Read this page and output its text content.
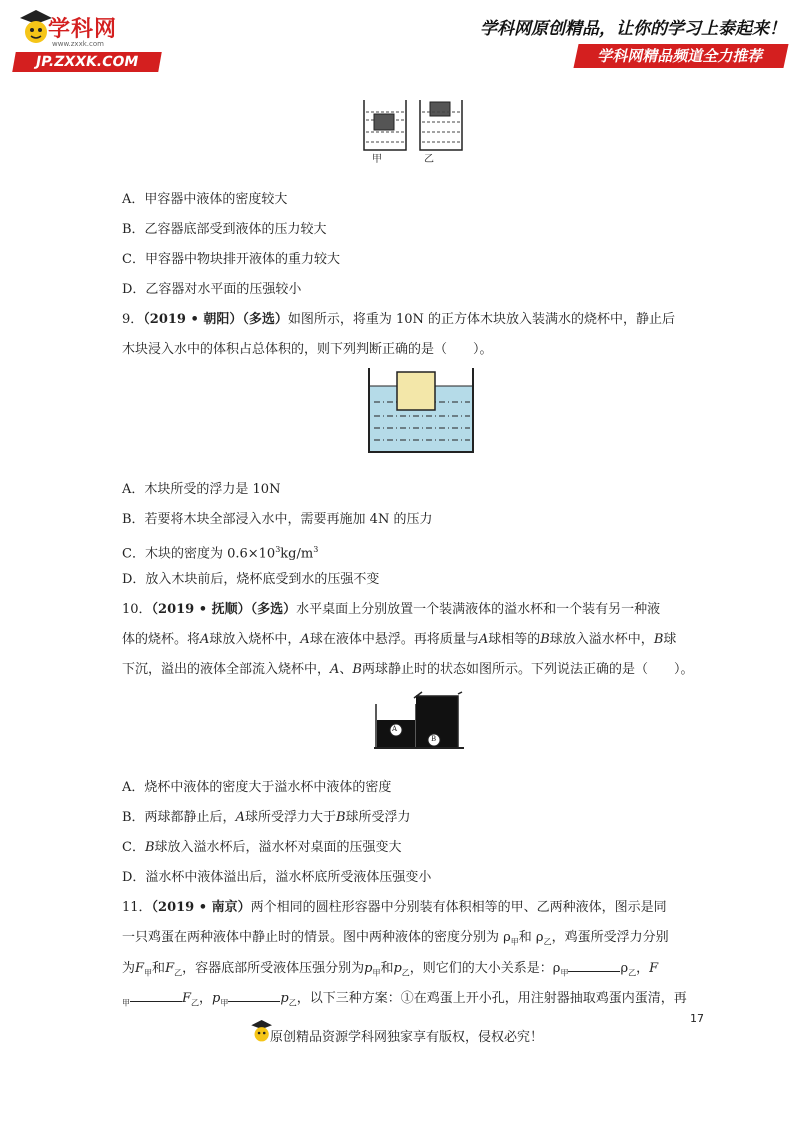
学科网
www.zxxk.com
JP.ZXXK.COM
学科网原创精品，让你的学习上泰起来！
学科网精品频道全力推荐
甲	乙
A．甲容器中液体的密度较大
B．乙容器底部受到液体的压力较大
C．甲容器中物块排开液体的重力较大
D．乙容器对水平面的压强较小
9．（2019 • 朝阳）（多选）如图所示，将重为 10N 的正方体木块放入装满水的烧杯中，静止后
木块浸入水中的体积占总体积的，则下列判断正确的是（　　）。
A．木块所受的浮力是 10N
B．若要将木块全部浸入水中，需要再施加 4N 的压力
C．木块的密度为 $0.6\times 10^3kg/m^3$
D．放入木块前后，烧杯底受到水的压强不变
10．（2019 • 抚顺）（多选）水平桌面上分别放置一个装满液体的溢水杯和一个装有另一种液
体的烧杯。将A球放入烧杯中，A球在液体中悬浮。再将质量与A球相等的B球放入溢水杯中，B球
下沉，溢出的液体全部流入烧杯中，A、B两球静止时的状态如图所示。下列说法正确的是（　　）。
A
B
A．烧杯中液体的密度大于溢水杯中液体的密度
B．两球都静止后，A球所受浮力大于B球所受浮力
C．B球放入溢水杯后，溢水杯对桌面的压强变大
D．溢水杯中液体溢出后，溢水杯底所受液体压强变小
11．（2019 • 南京）两个相同的圆柱形容器中分别装有体积相等的甲、乙两种液体，图示是同
一只鸡蛋在两种液体中静止时的情景。图中两种液体的密度分别为 $\rho_甲$和 $\rho_乙$，鸡蛋所受浮力分别
为$F_甲$和$F_乙$，容器底部所受液体压强分别为$p_甲$和$p_乙$，则它们的大小关系是：$\rho_甲$	$\rho_乙$，F
$_甲$	$F_乙$，$p_甲$	$p_乙$，以下三种方案：①在鸡蛋上开小孔，用注射器抽取鸡蛋内蛋清，再
17
原创精品资源学科网独家享有版权，侵权必究！
